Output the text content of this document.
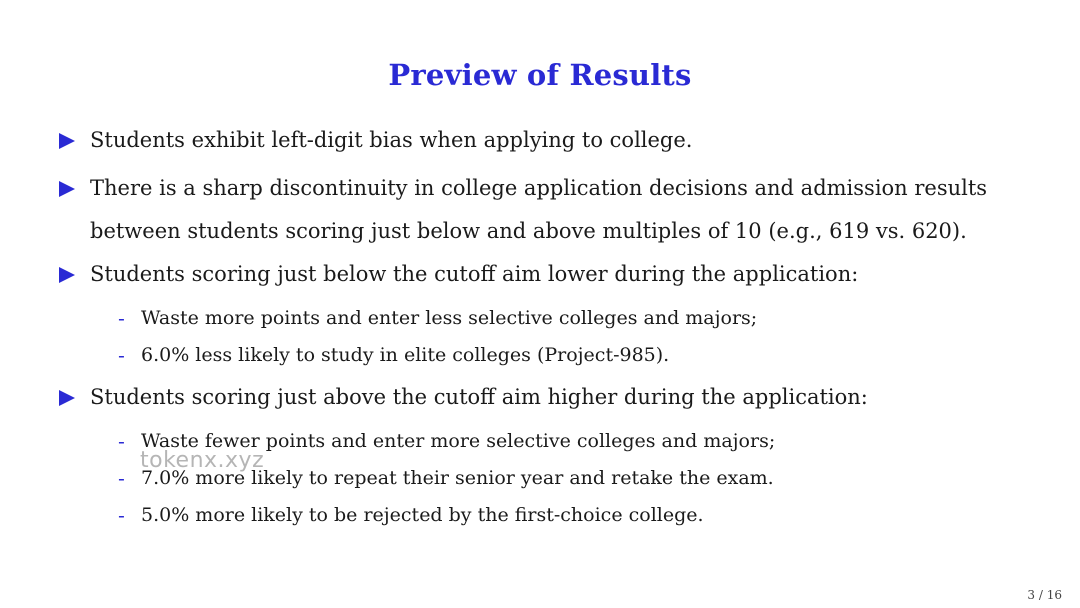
Preview of Results
Students exhibit left-digit bias when applying to college.
There is a sharp discontinuity in college application decisions and admission results
between students scoring just below and above multiples of 10 (e.g., 619 vs. 620).
Students scoring just below the cutoff aim lower during the application:
- Waste more points and enter less selective colleges and majors;
- 6.0% less likely to study in elite colleges (Project-985).
Students scoring just above the cutoff aim higher during the application:
- Waste fewer points and enter more selective colleges and majors;
- 7.0% more likely to repeat their senior year and retake the exam.
- 5.0% more likely to be rejected by the first-choice college.
tokenx.xyz
3 / 16
